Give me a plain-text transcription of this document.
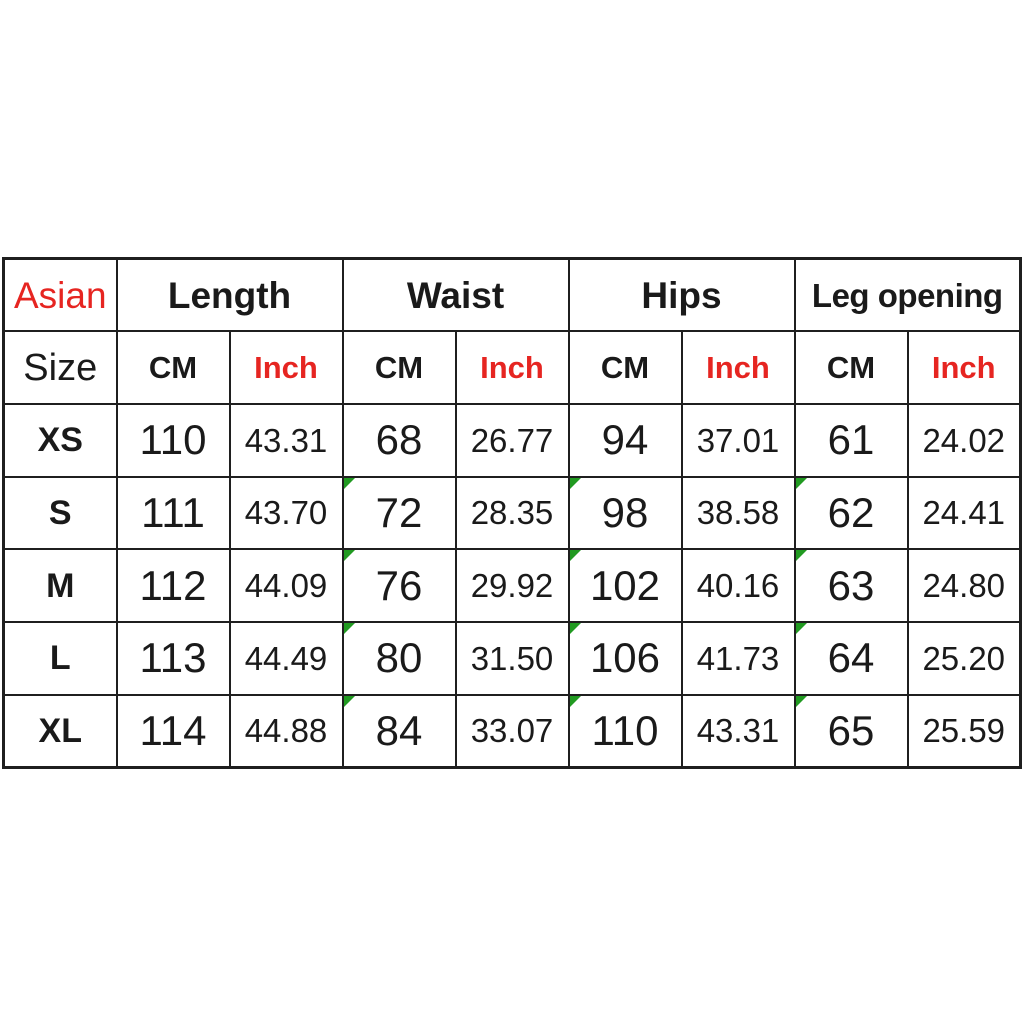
Asian	Length		Waist		Hips		Leg opening	
Size	CM	Inch	CM	Inch	CM	Inch	CM	Inch
XS	110	43.31	68	26.77	94	37.01	61	24.02
S	111	43.70	72	28.35	98	38.58	62	24.41
M	112	44.09	76	29.92	102	40.16	63	24.80
L	113	44.49	80	31.50	106	41.73	64	25.20
XL	114	44.88	84	33.07	110	43.31	65	25.59
